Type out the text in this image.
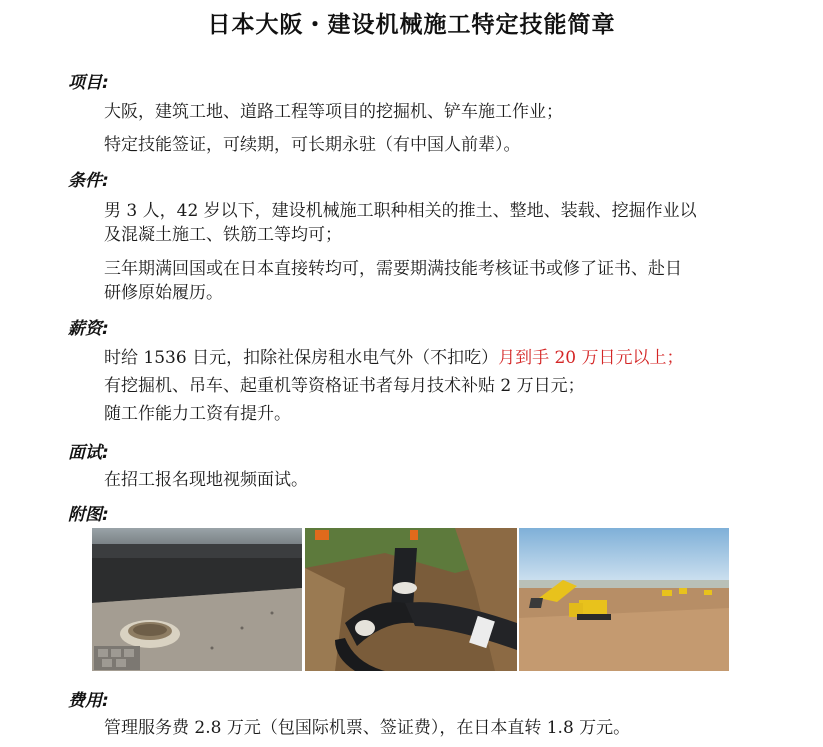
日本大阪・建设机械施工特定技能简章
项目:
大阪，建筑工地、道路工程等项目的挖掘机、铲车施工作业；
特定技能签证，可续期，可长期永驻（有中国人前辈）。
条件:
男 3 人，42 岁以下，建设机械施工职种相关的推土、整地、装载、挖掘作业以
及混凝土施工、铁筋工等均可；
三年期满回国或在日本直接转均可，需要期满技能考核证书或修了证书、赴日
研修原始履历。
薪资:
时给 1536 日元，扣除社保房租水电气外（不扣吃）月到手 20 万日元以上；
有挖掘机、吊车、起重机等资格证书者每月技术补贴 2 万日元；
随工作能力工资有提升。
面试:
在招工报名现地视频面试。
附图:
费用:
管理服务费 2.8 万元（包国际机票、签证费），在日本直转 1.8 万元。
